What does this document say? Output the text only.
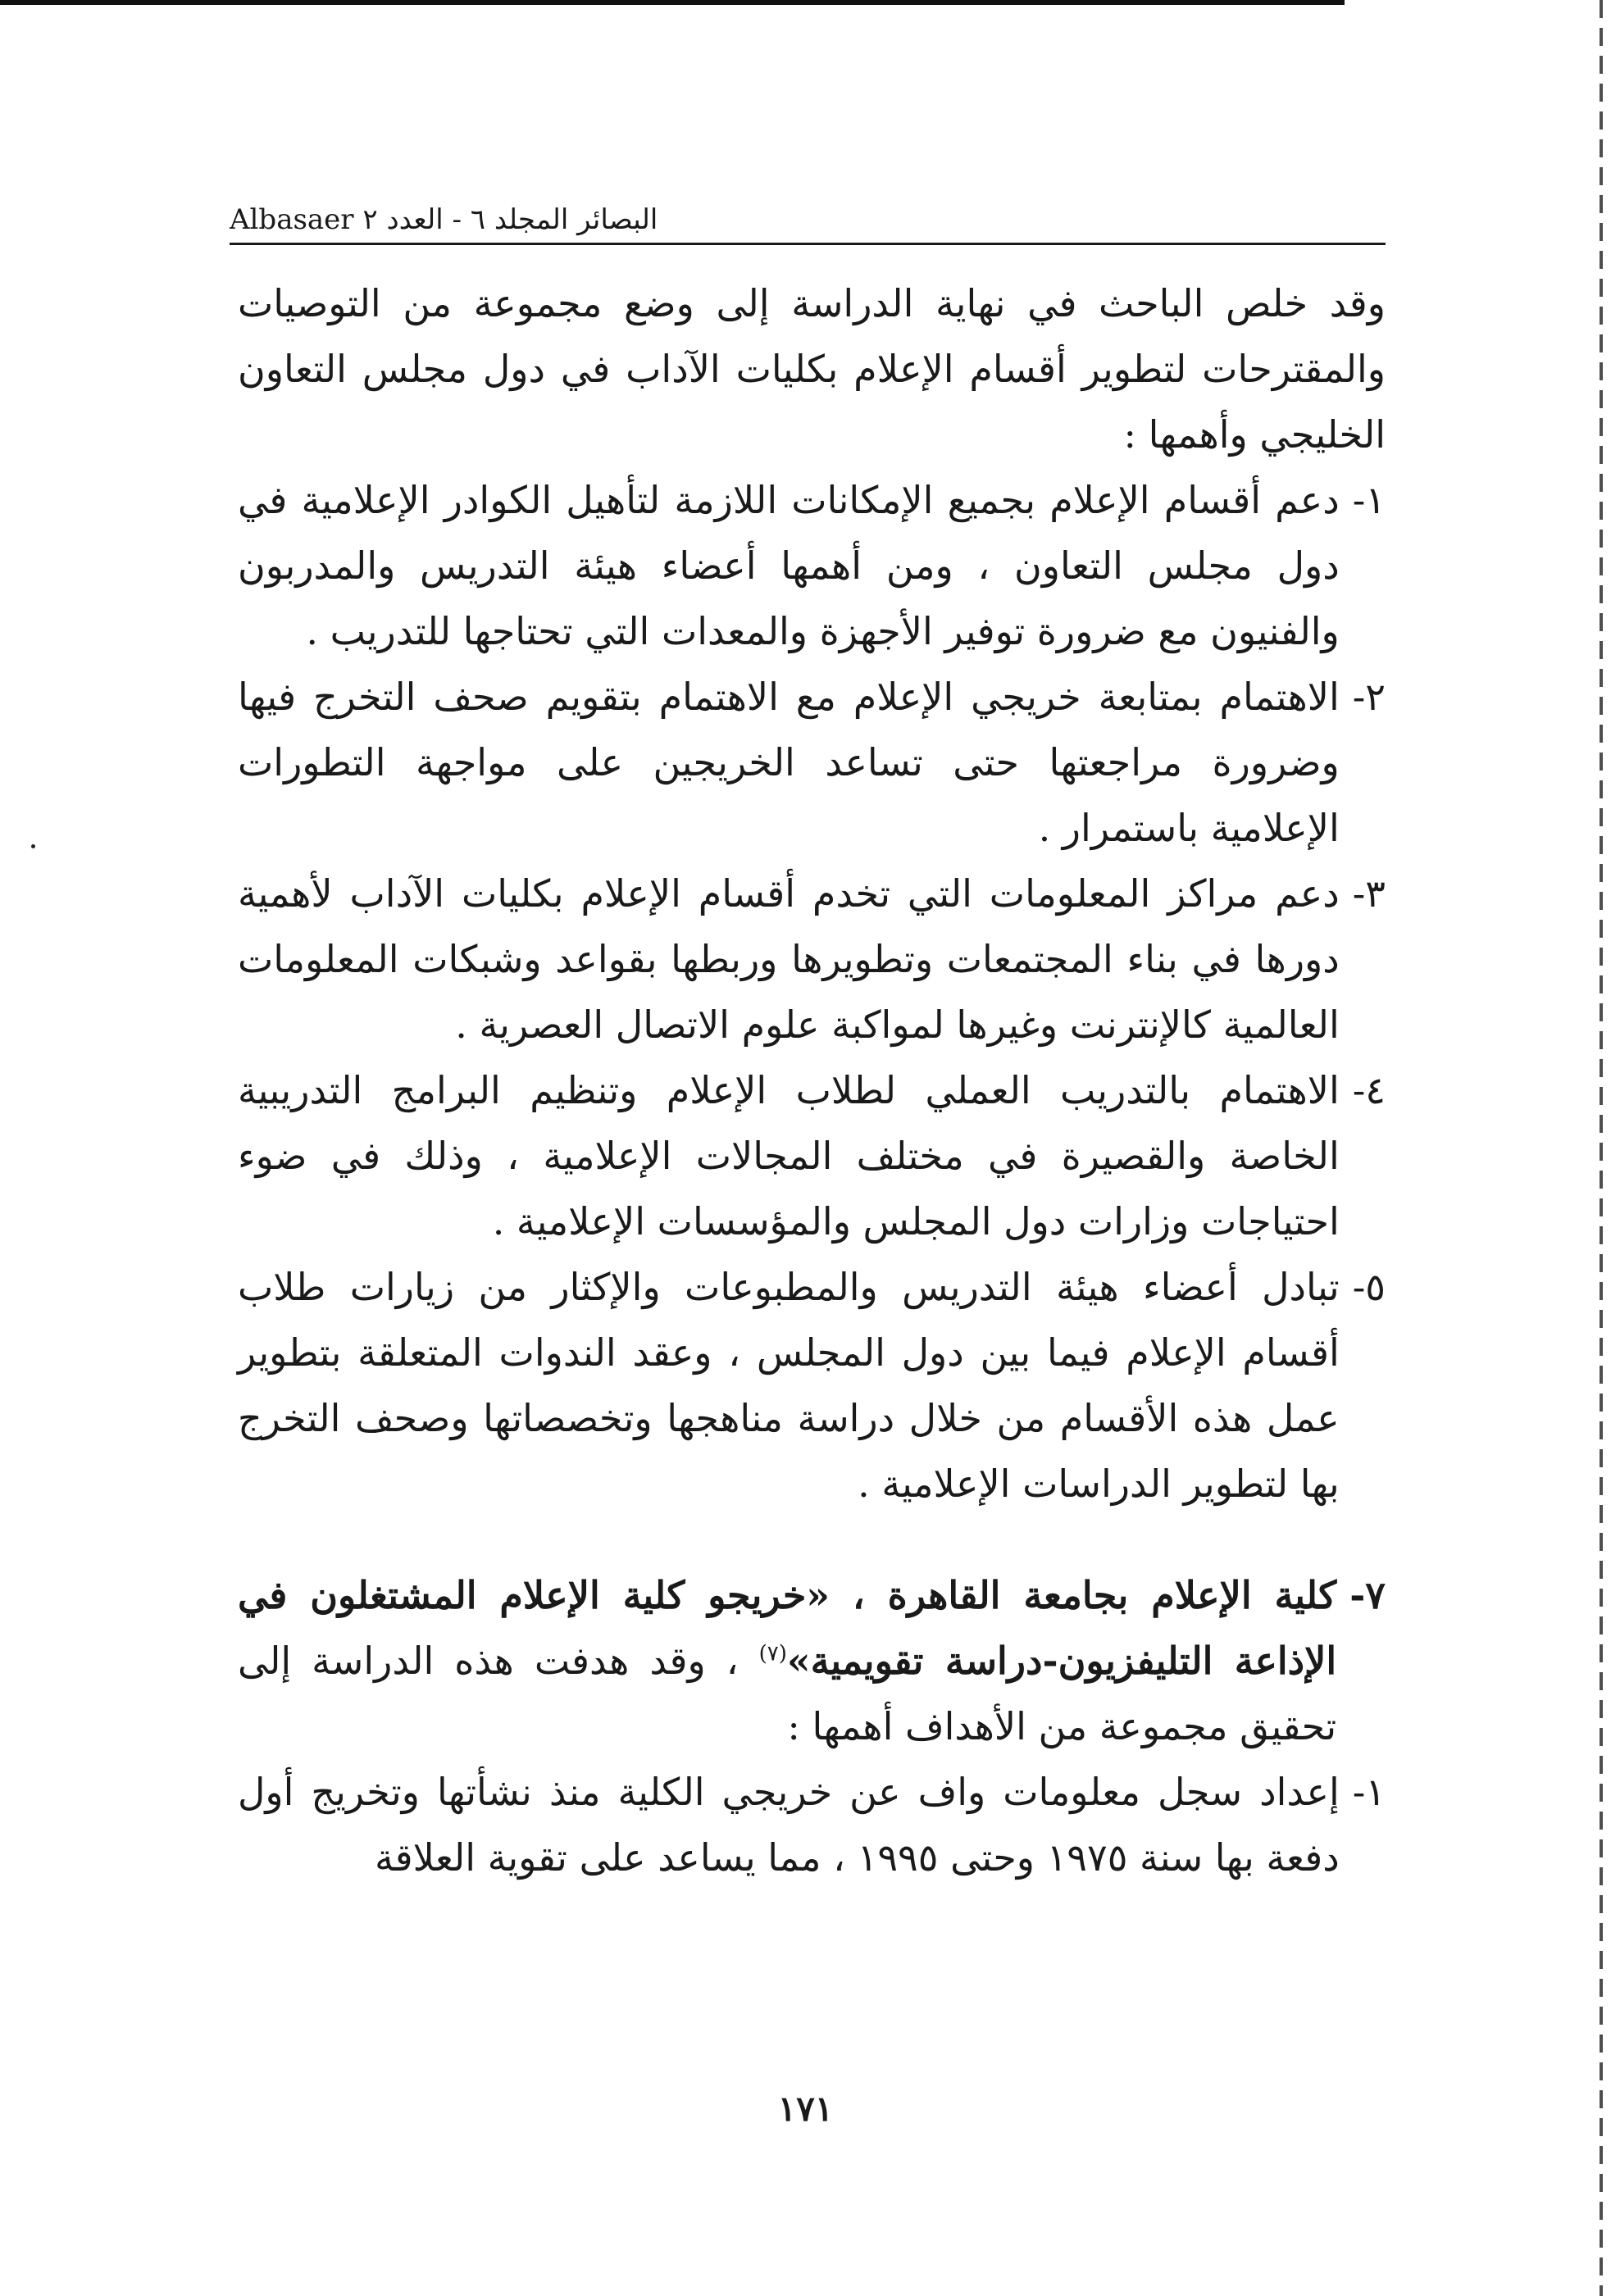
Albasaer البصائر المجلد ٦ - العدد ٢

وقد خلص الباحث في نهاية الدراسة إلى وضع مجموعة من التوصيات والمقترحات لتطوير أقسام الإعلام بكليات الآداب في دول مجلس التعاون الخليجي وأهمها :

١-

دعم أقسام الإعلام بجميع الإمكانات اللازمة لتأهيل الكوادر الإعلامية في دول مجلس التعاون ، ومن أهمها أعضاء هيئة التدريس والمدربون والفنيون مع ضرورة توفير الأجهزة والمعدات التي تحتاجها للتدريب .

٢-

الاهتمام بمتابعة خريجي الإعلام مع الاهتمام بتقويم صحف التخرج فيها وضرورة مراجعتها حتى تساعد الخريجين على مواجهة التطورات الإعلامية باستمرار .

٣-

دعم مراكز المعلومات التي تخدم أقسام الإعلام بكليات الآداب لأهمية دورها في بناء المجتمعات وتطويرها وربطها بقواعد وشبكات المعلومات العالمية كالإنترنت وغيرها لمواكبة علوم الاتصال العصرية .

٤-

الاهتمام بالتدريب العملي لطلاب الإعلام وتنظيم البرامج التدريبية الخاصة والقصيرة في مختلف المجالات الإعلامية ، وذلك في ضوء احتياجات وزارات دول المجلس والمؤسسات الإعلامية .

٥-

تبادل أعضاء هيئة التدريس والمطبوعات والإكثار من زيارات طلاب أقسام الإعلام فيما بين دول المجلس ، وعقد الندوات المتعلقة بتطوير عمل هذه الأقسام من خلال دراسة مناهجها وتخصصاتها وصحف التخرج بها لتطوير الدراسات الإعلامية .

٧-

كلية الإعلام بجامعة القاهرة ، «خريجو كلية الإعلام المشتغلون في الإذاعة التليفزيون-دراسة تقويمية»$^{(٧)}$ ، وقد هدفت هذه الدراسة إلى تحقيق مجموعة من الأهداف أهمها :

١-

إعداد سجل معلومات واف عن خريجي الكلية منذ نشأتها وتخريج أول دفعة بها سنة ١٩٧٥ وحتى ١٩٩٥ ، مما يساعد على تقوية العلاقة

١٧١
